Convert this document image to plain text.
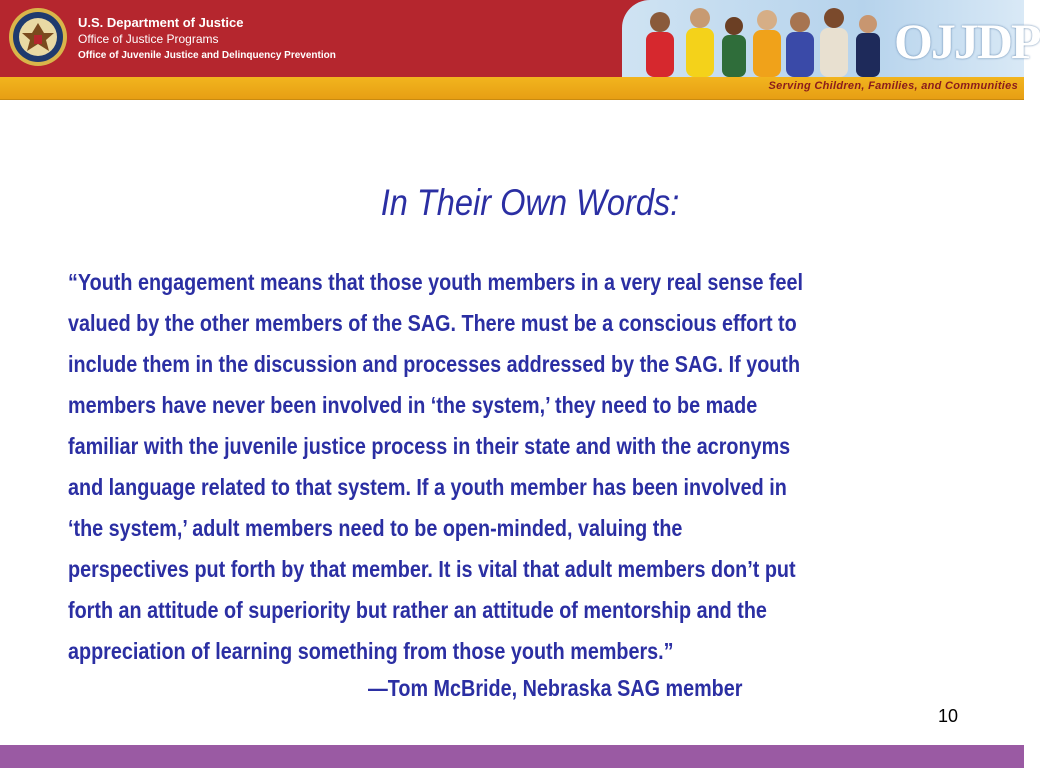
U.S. Department of Justice
Office of Justice Programs
Office of Juvenile Justice and Delinquency Prevention	OJJDP
Serving Children, Families, and Communities
In Their Own Words:
“Youth engagement means that those youth members in a very real sense feel
valued by the other members of the SAG. There must be a conscious effort to
include them in the discussion and processes addressed by the SAG. If youth
members have never been involved in ‘the system,’ they need to be made
familiar with the juvenile justice process in their state and with the acronyms
and language related to that system. If a youth member has been involved in
‘the system,’ adult members need to be open-minded, valuing the
perspectives put forth by that member. It is vital that adult members don’t put
forth an attitude of superiority but rather an attitude of mentorship and the
appreciation of learning something from those youth members.”
—Tom McBride, Nebraska SAG member
10
